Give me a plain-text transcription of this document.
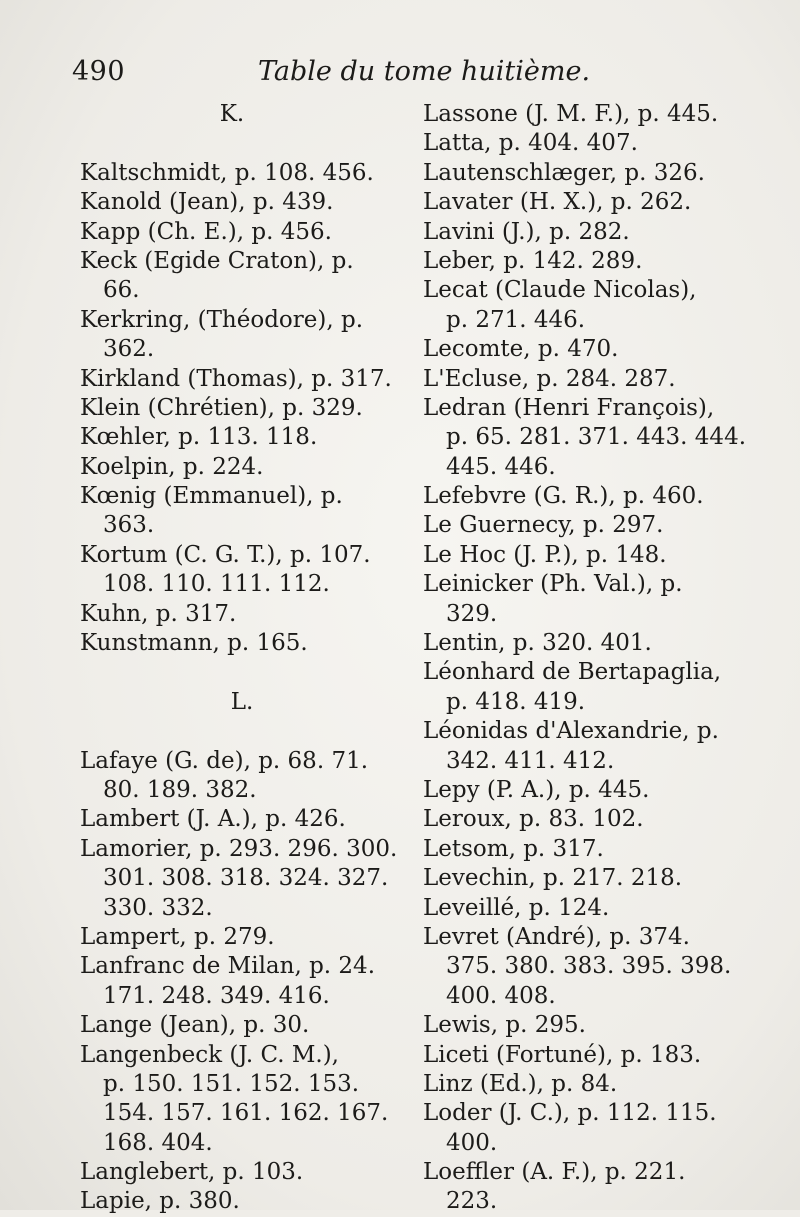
490	Table du tome huitième.
K.
Kaltschmidt, p. 108. 456.
Kanold (Jean), p. 439.
Kapp (Ch. E.), p. 456.
Keck (Egide Craton), p.
66.
Kerkring, (Théodore), p.
362.
Kirkland (Thomas), p. 317.
Klein (Chrétien), p. 329.
Kœhler, p. 113. 118.
Koelpin, p. 224.
Kœnig (Emmanuel), p.
363.
Kortum (C. G. T.), p. 107.
108. 110. 111. 112.
Kuhn, p. 317.
Kunstmann, p. 165.
L.
Lafaye (G. de), p. 68. 71.
80. 189. 382.
Lambert (J. A.), p. 426.
Lamorier, p. 293. 296. 300.
301. 308. 318. 324. 327.
330. 332.
Lampert, p. 279.
Lanfranc de Milan, p. 24.
171. 248. 349. 416.
Lange (Jean), p. 30.
Langenbeck (J. C. M.),
p. 150. 151. 152. 153.
154. 157. 161. 162. 167.
168. 404.
Langlebert, p. 103.
Lapie, p. 380.
Lassone (J. M. F.), p. 445.
Latta, p. 404. 407.
Lautenschlæger, p. 326.
Lavater (H. X.), p. 262.
Lavini (J.), p. 282.
Leber, p. 142. 289.
Lecat (Claude Nicolas),
p. 271. 446.
Lecomte, p. 470.
L'Ecluse, p. 284. 287.
Ledran (Henri François),
p. 65. 281. 371. 443. 444.
445. 446.
Lefebvre (G. R.), p. 460.
Le Guernecy, p. 297.
Le Hoc (J. P.), p. 148.
Leinicker (Ph. Val.), p.
329.
Lentin, p. 320. 401.
Léonhard de Bertapaglia,
p. 418. 419.
Léonidas d'Alexandrie, p.
342. 411. 412.
Lepy (P. A.), p. 445.
Leroux, p. 83. 102.
Letsom, p. 317.
Levechin, p. 217. 218.
Leveillé, p. 124.
Levret (André), p. 374.
375. 380. 383. 395. 398.
400. 408.
Lewis, p. 295.
Liceti (Fortuné), p. 183.
Linz (Ed.), p. 84.
Loder (J. C.), p. 112. 115.
400.
Loeffler (A. F.), p. 221.
223.
